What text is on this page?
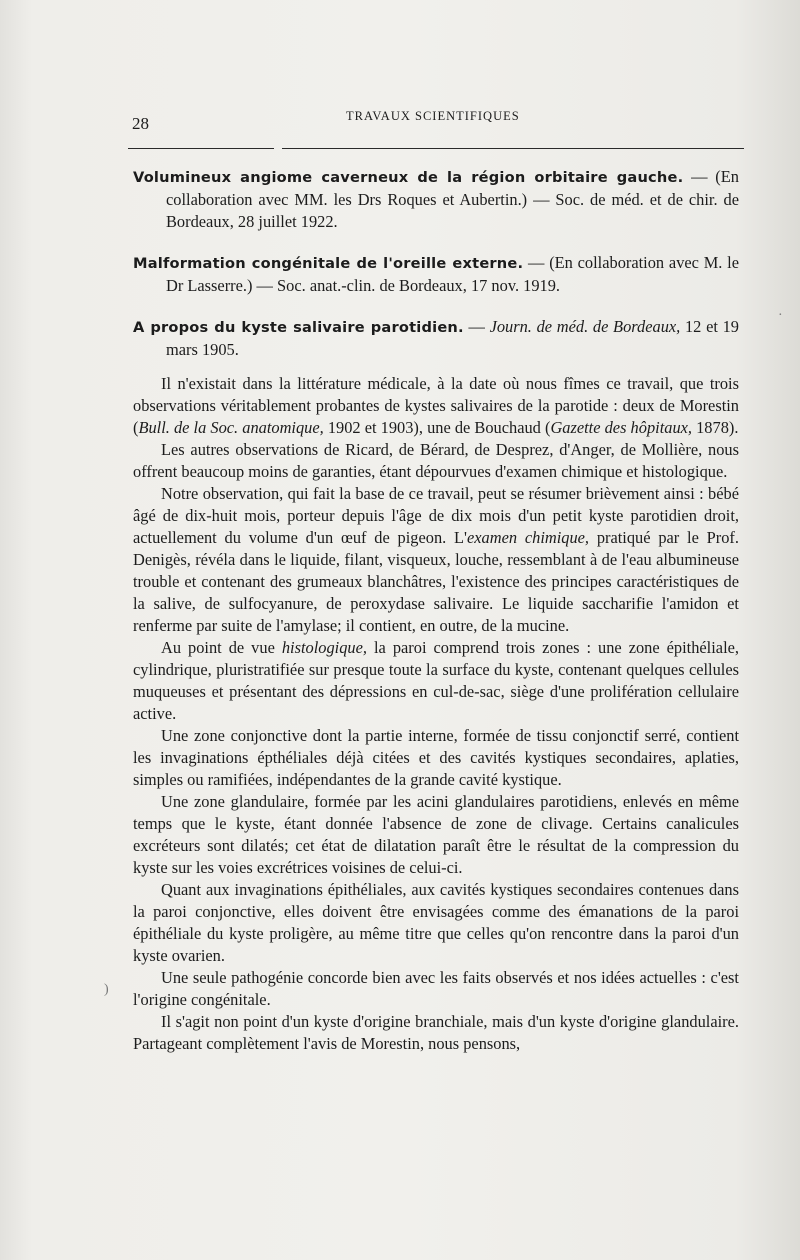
28	TRAVAUX SCIENTIFIQUES

Volumineux angiome caverneux de la région orbitaire gauche. — (En collaboration avec MM. les Drs Roques et Aubertin.) — Soc. de méd. et de chir. de Bordeaux, 28 juillet 1922.

Malformation congénitale de l'oreille externe. — (En collaboration avec M. le Dr Lasserre.) — Soc. anat.-clin. de Bordeaux, 17 nov. 1919.

A propos du kyste salivaire parotidien. — Journ. de méd. de Bordeaux, 12 et 19 mars 1905.

Il n'existait dans la littérature médicale, à la date où nous fîmes ce travail, que trois observations véritablement probantes de kystes salivaires de la parotide : deux de Morestin (Bull. de la Soc. anatomique, 1902 et 1903), une de Bouchaud (Gazette des hôpitaux, 1878).

Les autres observations de Ricard, de Bérard, de Desprez, d'Anger, de Mollière, nous offrent beaucoup moins de garanties, étant dépourvues d'examen chimique et histologique.

Notre observation, qui fait la base de ce travail, peut se résumer brièvement ainsi : bébé âgé de dix-huit mois, porteur depuis l'âge de dix mois d'un petit kyste parotidien droit, actuellement du volume d'un œuf de pigeon. L'examen chimique, pratiqué par le Prof. Denigès, révéla dans le liquide, filant, visqueux, louche, ressemblant à de l'eau albumineuse trouble et contenant des grumeaux blanchâtres, l'existence des principes caractéristiques de la salive, de sulfocyanure, de peroxydase salivaire. Le liquide saccharifie l'amidon et renferme par suite de l'amylase; il contient, en outre, de la mucine.

Au point de vue histologique, la paroi comprend trois zones : une zone épithéliale, cylindrique, pluristratifiée sur presque toute la surface du kyste, contenant quelques cellules muqueuses et présentant des dépressions en cul-de-sac, siège d'une prolifération cellulaire active.

Une zone conjonctive dont la partie interne, formée de tissu conjonctif serré, contient les invaginations épthéliales déjà citées et des cavités kystiques secondaires, aplaties, simples ou ramifiées, indépendantes de la grande cavité kystique.

Une zone glandulaire, formée par les acini glandulaires parotidiens, enlevés en même temps que le kyste, étant donnée l'absence de zone de clivage. Certains canalicules excréteurs sont dilatés; cet état de dilatation paraît être le résultat de la compression du kyste sur les voies excrétrices voisines de celui-ci.

Quant aux invaginations épithéliales, aux cavités kystiques secondaires contenues dans la paroi conjonctive, elles doivent être envisagées comme des émanations de la paroi épithéliale du kyste proligère, au même titre que celles qu'on rencontre dans la paroi d'un kyste ovarien.

Une seule pathogénie concorde bien avec les faits observés et nos idées actuelles : c'est l'origine congénitale.

Il s'agit non point d'un kyste d'origine branchiale, mais d'un kyste d'origine glandulaire. Partageant complètement l'avis de Morestin, nous pensons,

·
)
